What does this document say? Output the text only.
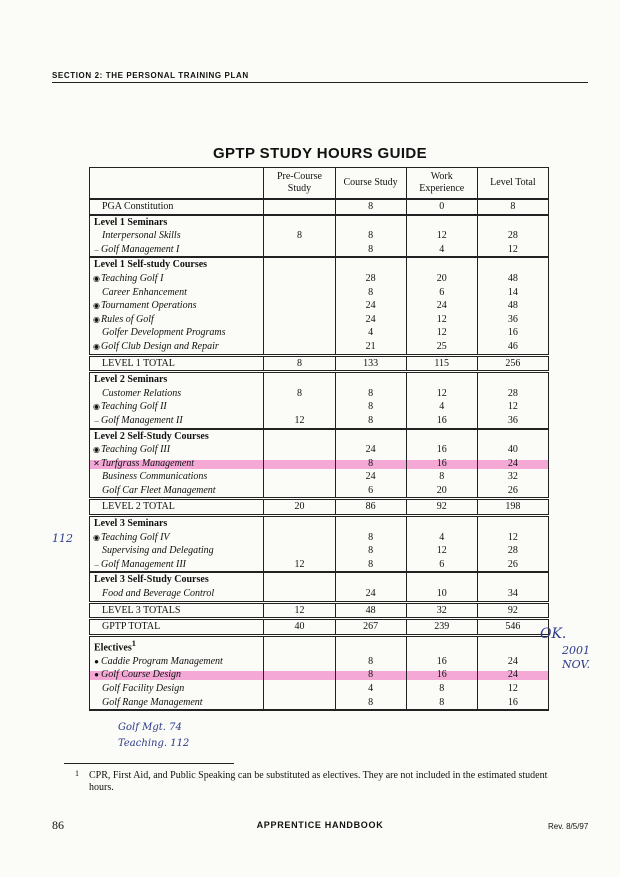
SECTION 2: THE PERSONAL TRAINING PLAN
GPTP STUDY HOURS GUIDE
	Pre-Course Study	Course Study	Work Experience	Level Total
PGA Constitution		8	0	8
Level 1 Seminars				
Interpersonal Skills	8	8	12	28
– Golf Management I		8	4	12
Level 1 Self-study Courses				
◉Teaching Golf I		28	20	48
Career Enhancement		8	6	14
◉Tournament Operations		24	24	48
◉Rules of Golf		24	12	36
Golfer Development Programs		4	12	16
◉Golf Club Design and Repair		21	25	46
LEVEL 1 TOTAL	8	133	115	256
Level 2 Seminars				
Customer Relations	8	8	12	28
◉Teaching Golf II		8	4	12
– Golf Management II	12	8	16	36
Level 2 Self-Study Courses				
◉Teaching Golf III		24	16	40
✕Turfgrass Management		8	16	24
Business Communications		24	8	32
Golf Car Fleet Management		6	20	26
LEVEL 2 TOTAL	20	86	92	198
Level 3 Seminars				
◉Teaching Golf IV		8	4	12
Supervising and Delegating		8	12	28
– Golf Management III	12	8	6	26
Level 3 Self-Study Courses				
Food and Beverage Control		24	10	34
LEVEL 3 TOTALS	12	48	32	92
GPTP TOTAL	40	267	239	546
Electives$^1$				
● Caddie Program Management		8	16	24
● Golf Course Design		8	16	24
Golf Facility Design		4	8	12
Golf Range Management		8	8	16
112
OK.
2001
NOV.
Golf Mgt. 74
Teaching. 112
1 CPR, First Aid, and Public Speaking can be substituted as electives. They are not included in the estimated student hours.
86	APPRENTICE HANDBOOK	Rev. 8/5/97
